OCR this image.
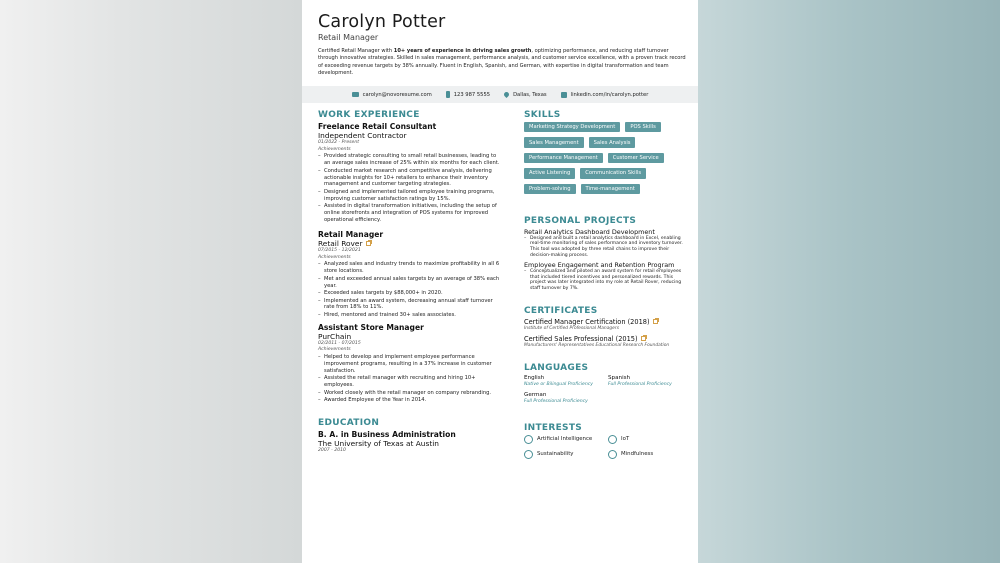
Carolyn Potter
Retail Manager

Certified Retail Manager with 10+ years of experience in driving sales growth, optimizing performance, and reducing staff turnover through innovative strategies. Skilled in sales management, performance analysis, and customer service excellence, with a proven track record of exceeding revenue targets by 38% annually. Fluent in English, Spanish, and German, with expertise in digital transformation and team development.

carolyn@novoresume.com	123 987 5555	Dallas, Texas	linkedin.com/in/carolyn.potter
WORK EXPERIENCE
Freelance Retail Consultant
Independent Contractor
01/2022 - Present
Achievements
– Provided strategic consulting to small retail businesses, leading to an average sales increase of 25% within six months for each client.
– Conducted market research and competitive analysis, delivering actionable insights for 10+ retailers to enhance their inventory management and customer targeting strategies.
– Designed and implemented tailored employee training programs, improving customer satisfaction ratings by 15%.
– Assisted in digital transformation initiatives, including the setup of online storefronts and integration of POS systems for improved operational efficiency.
Retail Manager
Retail Rover
07/2015 - 12/2021
Achievements
– Analyzed sales and industry trends to maximize profitability in all 6 store locations.
– Met and exceeded annual sales targets by an average of 38% each year.
– Exceeded sales targets by $88,000+ in 2020.
– Implemented an award system, decreasing annual staff turnover rate from 18% to 11%.
– Hired, mentored and trained 30+ sales associates.
Assistant Store Manager
PurChain
02/2011 - 07/2015
Achievements
– Helped to develop and implement employee performance improvement programs, resulting in a 37% increase in customer satisfaction.
– Assisted the retail manager with recruiting and hiring 10+ employees.
– Worked closely with the retail manager on company rebranding.
– Awarded Employee of the Year in 2014.
EDUCATION
B. A. in Business Administration
The University of Texas at Austin
2007 - 2010
SKILLS
Marketing Strategy Development	POS Skills
Sales Management	Sales Analysis
Performance Management	Customer Service
Active Listening	Communication Skills
Problem-solving	Time-management
PERSONAL PROJECTS
Retail Analytics Dashboard Development
– Designed and built a retail analytics dashboard in Excel, enabling real-time monitoring of sales performance and inventory turnover. This tool was adopted by three retail chains to improve their decision-making process.
Employee Engagement and Retention Program
– Conceptualized and piloted an award system for retail employees that included tiered incentives and personalized rewards. This project was later integrated into my role at Retail Rover, reducing staff turnover by 7%.
CERTIFICATES
Certified Manager Certification (2018)
Institute of Certified Professional Managers
Certified Sales Professional (2015)
Manufacturers' Representatives Educational Research Foundation
LANGUAGES
English
Native or Bilingual Proficiency
Spanish
Full Professional Proficiency
German
Full Professional Proficiency
INTERESTS
Artificial Intelligence	IoT
Sustainability	Mindfulness
